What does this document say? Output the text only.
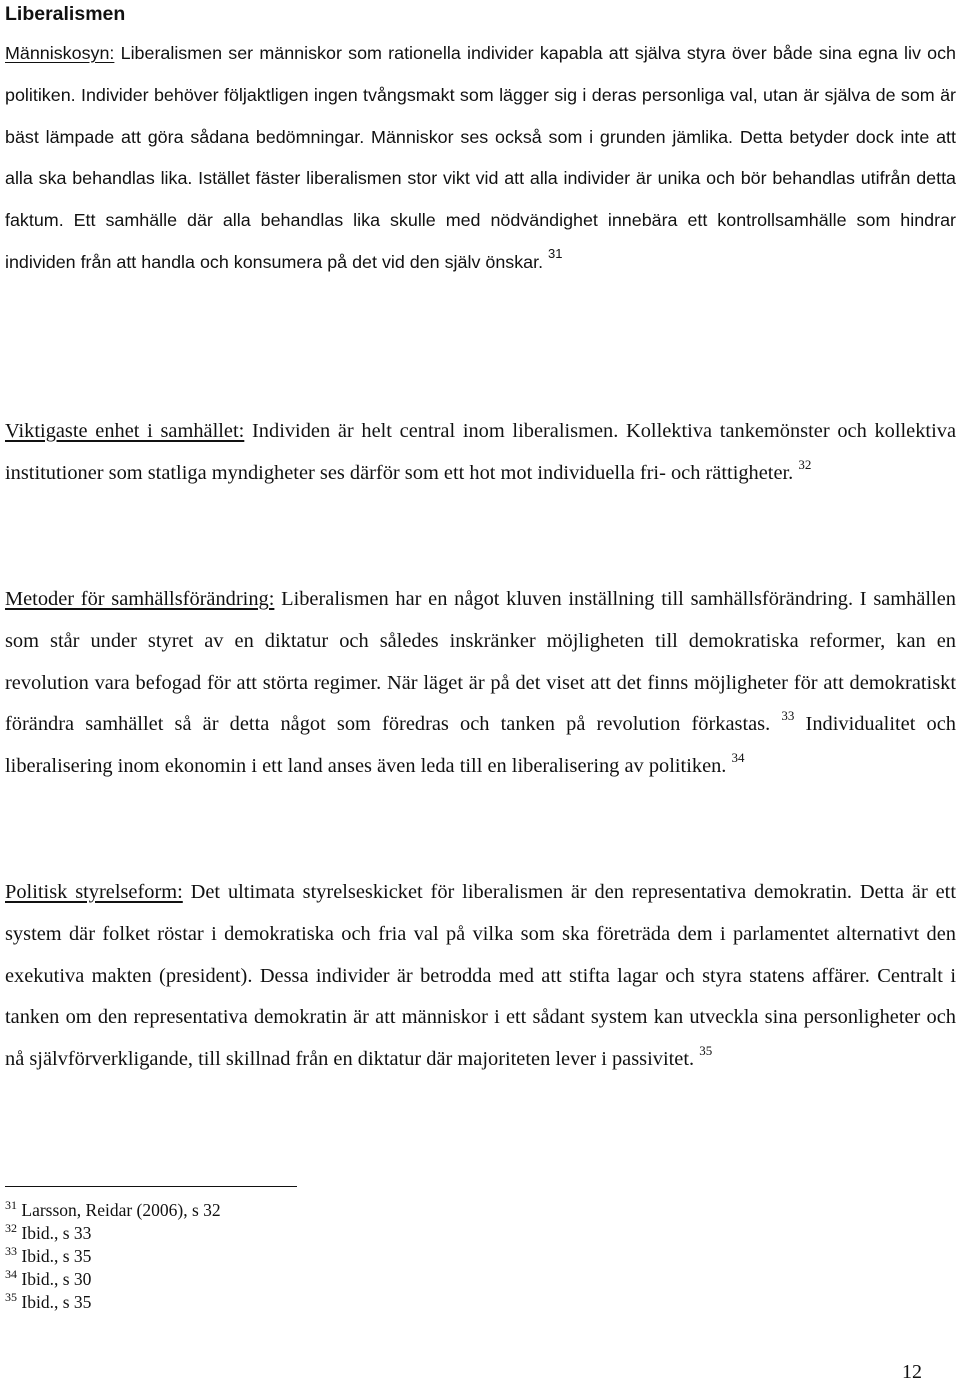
Liberalismen

Människosyn: Liberalismen ser människor som rationella individer kapabla att själva styra över både sina egna liv och politiken. Individer behöver följaktligen ingen tvångsmakt som lägger sig i deras personliga val, utan är själva de som är bäst lämpade att göra sådana bedömningar. Människor ses också som i grunden jämlika. Detta betyder dock inte att alla ska behandlas lika. Istället fäster liberalismen stor vikt vid att alla individer är unika och bör behandlas utifrån detta faktum. Ett samhälle där alla behandlas lika skulle med nödvändighet innebära ett kontrollsamhälle som hindrar individen från att handla och konsumera på det vid den själv önskar. $^{31}$

Viktigaste enhet i samhället: Individen är helt central inom liberalismen. Kollektiva tankemönster och kollektiva institutioner som statliga myndigheter ses därför som ett hot mot individuella fri- och rättigheter. $^{32}$

Metoder för samhällsförändring: Liberalismen har en något kluven inställning till samhällsförändring. I samhällen som står under styret av en diktatur och således inskränker möjligheten till demokratiska reformer, kan en revolution vara befogad för att störta regimer. När läget är på det viset att det finns möjligheter för att demokratiskt förändra samhället så är detta något som föredras och tanken på revolution förkastas. $^{33}$ Individualitet och liberalisering inom ekonomin i ett land anses även leda till en liberalisering av politiken. $^{34}$

Politisk styrelseform: Det ultimata styrelseskicket för liberalismen är den representativa demokratin. Detta är ett system där folket röstar i demokratiska och fria val på vilka som ska företräda dem i parlamentet alternativt den exekutiva makten (president). Dessa individer är betrodda med att stifta lagar och styra statens affärer. Centralt i tanken om den representativa demokratin är att människor i ett sådant system kan utveckla sina personligheter och nå självförverkligande, till skillnad från en diktatur där majoriteten lever i passivitet. $^{35}$

$^{31}$ Larsson, Reidar (2006), s 32
$^{32}$ Ibid., s 33
$^{33}$ Ibid., s 35
$^{34}$ Ibid., s 30
$^{35}$ Ibid., s 35
12
